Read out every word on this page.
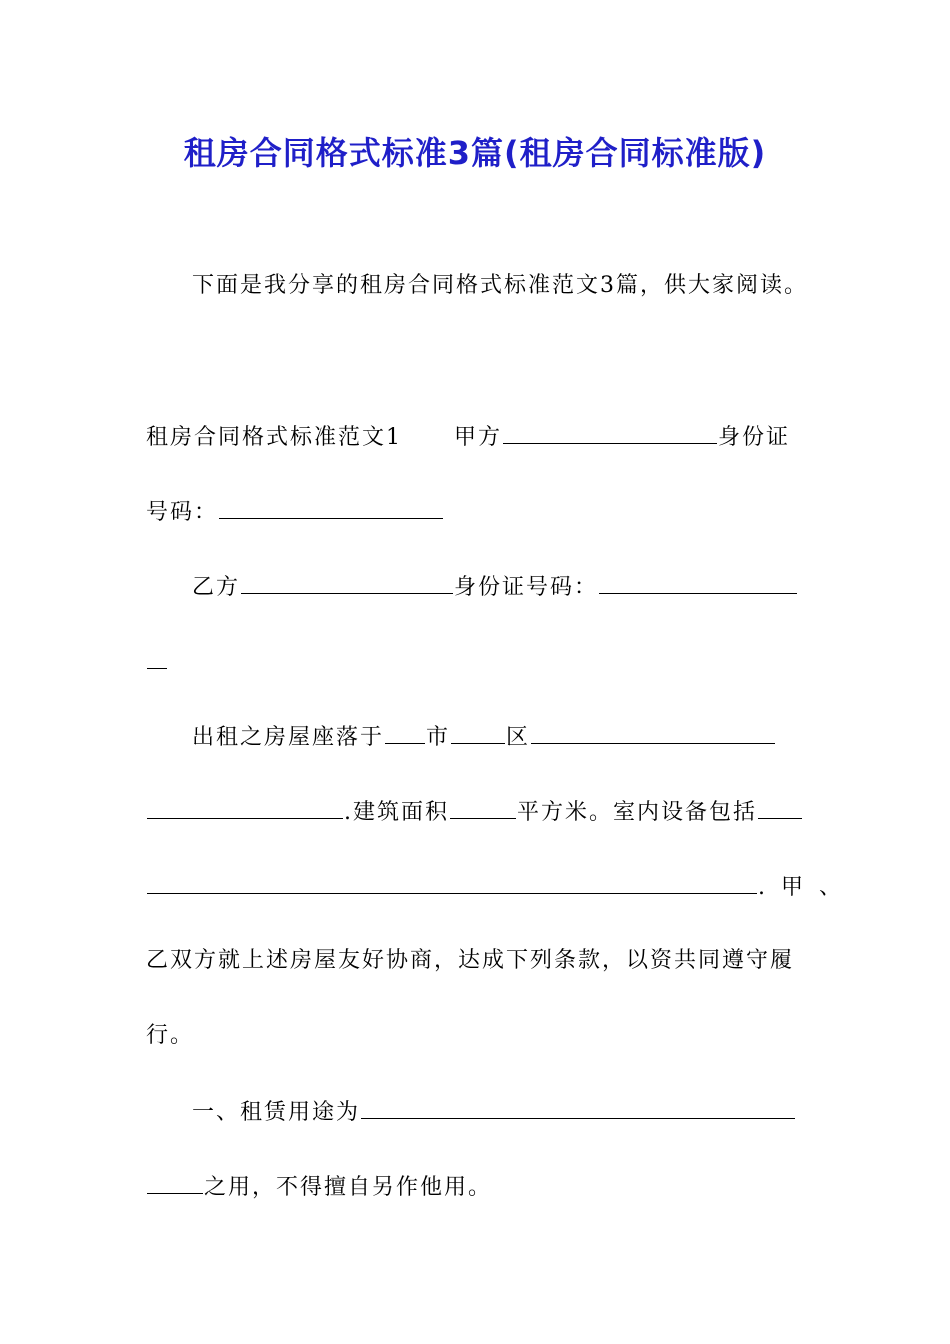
租房合同格式标准3篇(租房合同标准版)
下面是我分享的租房合同格式标准范文3篇，供大家阅读。
租房合同格式标准范文1 甲方	身份证
号码：
乙方	身份证号码：
出租之房屋座落于 市	区
.建筑面积	平方米。室内设备包括
.甲、
乙双方就上述房屋友好协商，达成下列条款，以资共同遵守履
行。
一、租赁用途为
之用，不得擅自另作他用。
